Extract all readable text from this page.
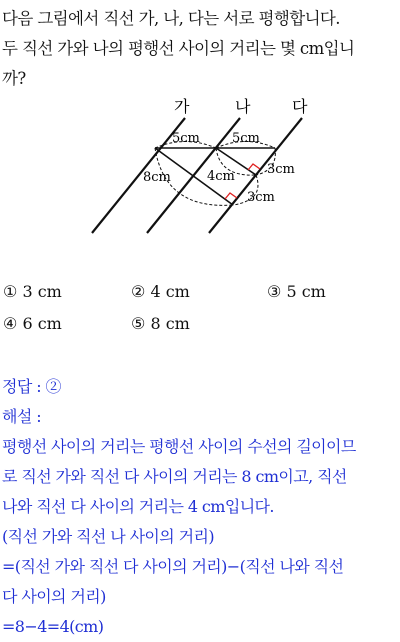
다음 그림에서 직선 가, 나, 다는 서로 평행합니다.
두 직선 가와 나의 평행선 사이의 거리는 몇 cm입니
까?
가	나	다
5cm 5cm
8cm	4cm 3cm
3cm
① 3 cm	② 4 cm	③ 5 cm
④ 6 cm	⑤ 8 cm
정답 : ②
해설 :
평행선 사이의 거리는 평행선 사이의 수선의 길이이므
로 직선 가와 직선 다 사이의 거리는 8 cm이고, 직선
나와 직선 다 사이의 거리는 4 cm입니다.
(직선 가와 직선 나 사이의 거리)
=(직선 가와 직선 다 사이의 거리)−(직선 나와 직선
다 사이의 거리)
=8−4=4(cm)
